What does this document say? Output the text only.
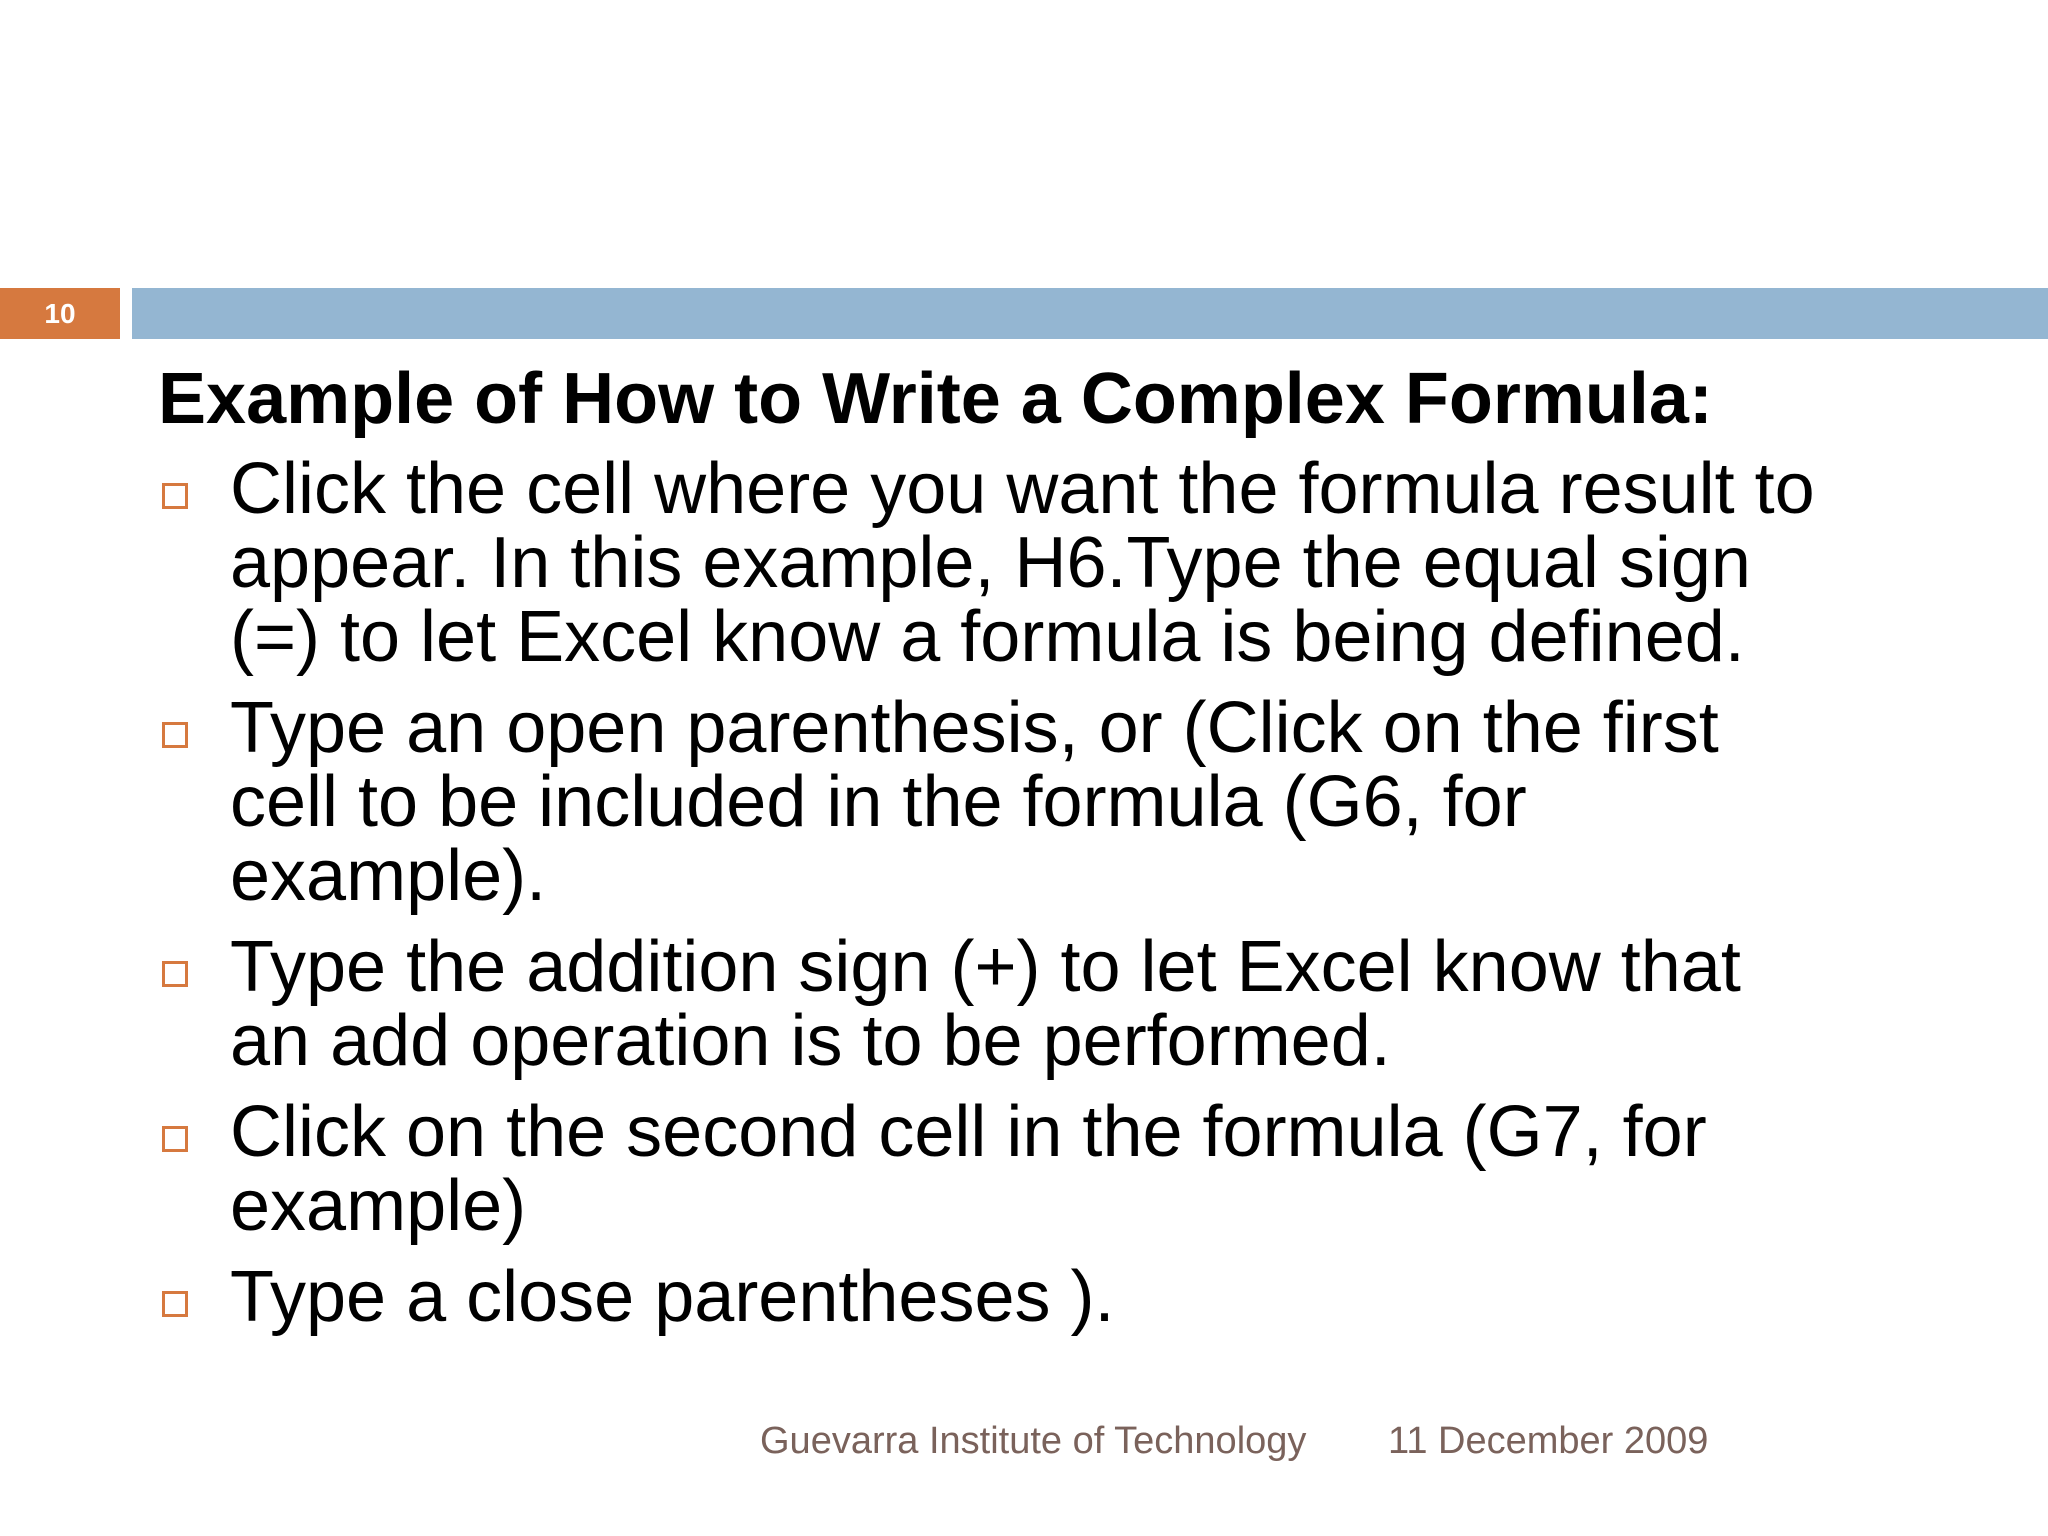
10
Example of How to Write a Complex Formula:
Click the cell where you want the formula result to
appear. In this example, H6.Type the equal sign
(=) to let Excel know a formula is being defined.
Type an open parenthesis, or (Click on the first
cell to be included in the formula (G6, for
example).
Type the addition sign (+) to let Excel know that
an add operation is to be performed.
Click on the second cell in the formula (G7, for
example)
Type a close parentheses ).
Guevarra Institute of Technology 11 December 2009
